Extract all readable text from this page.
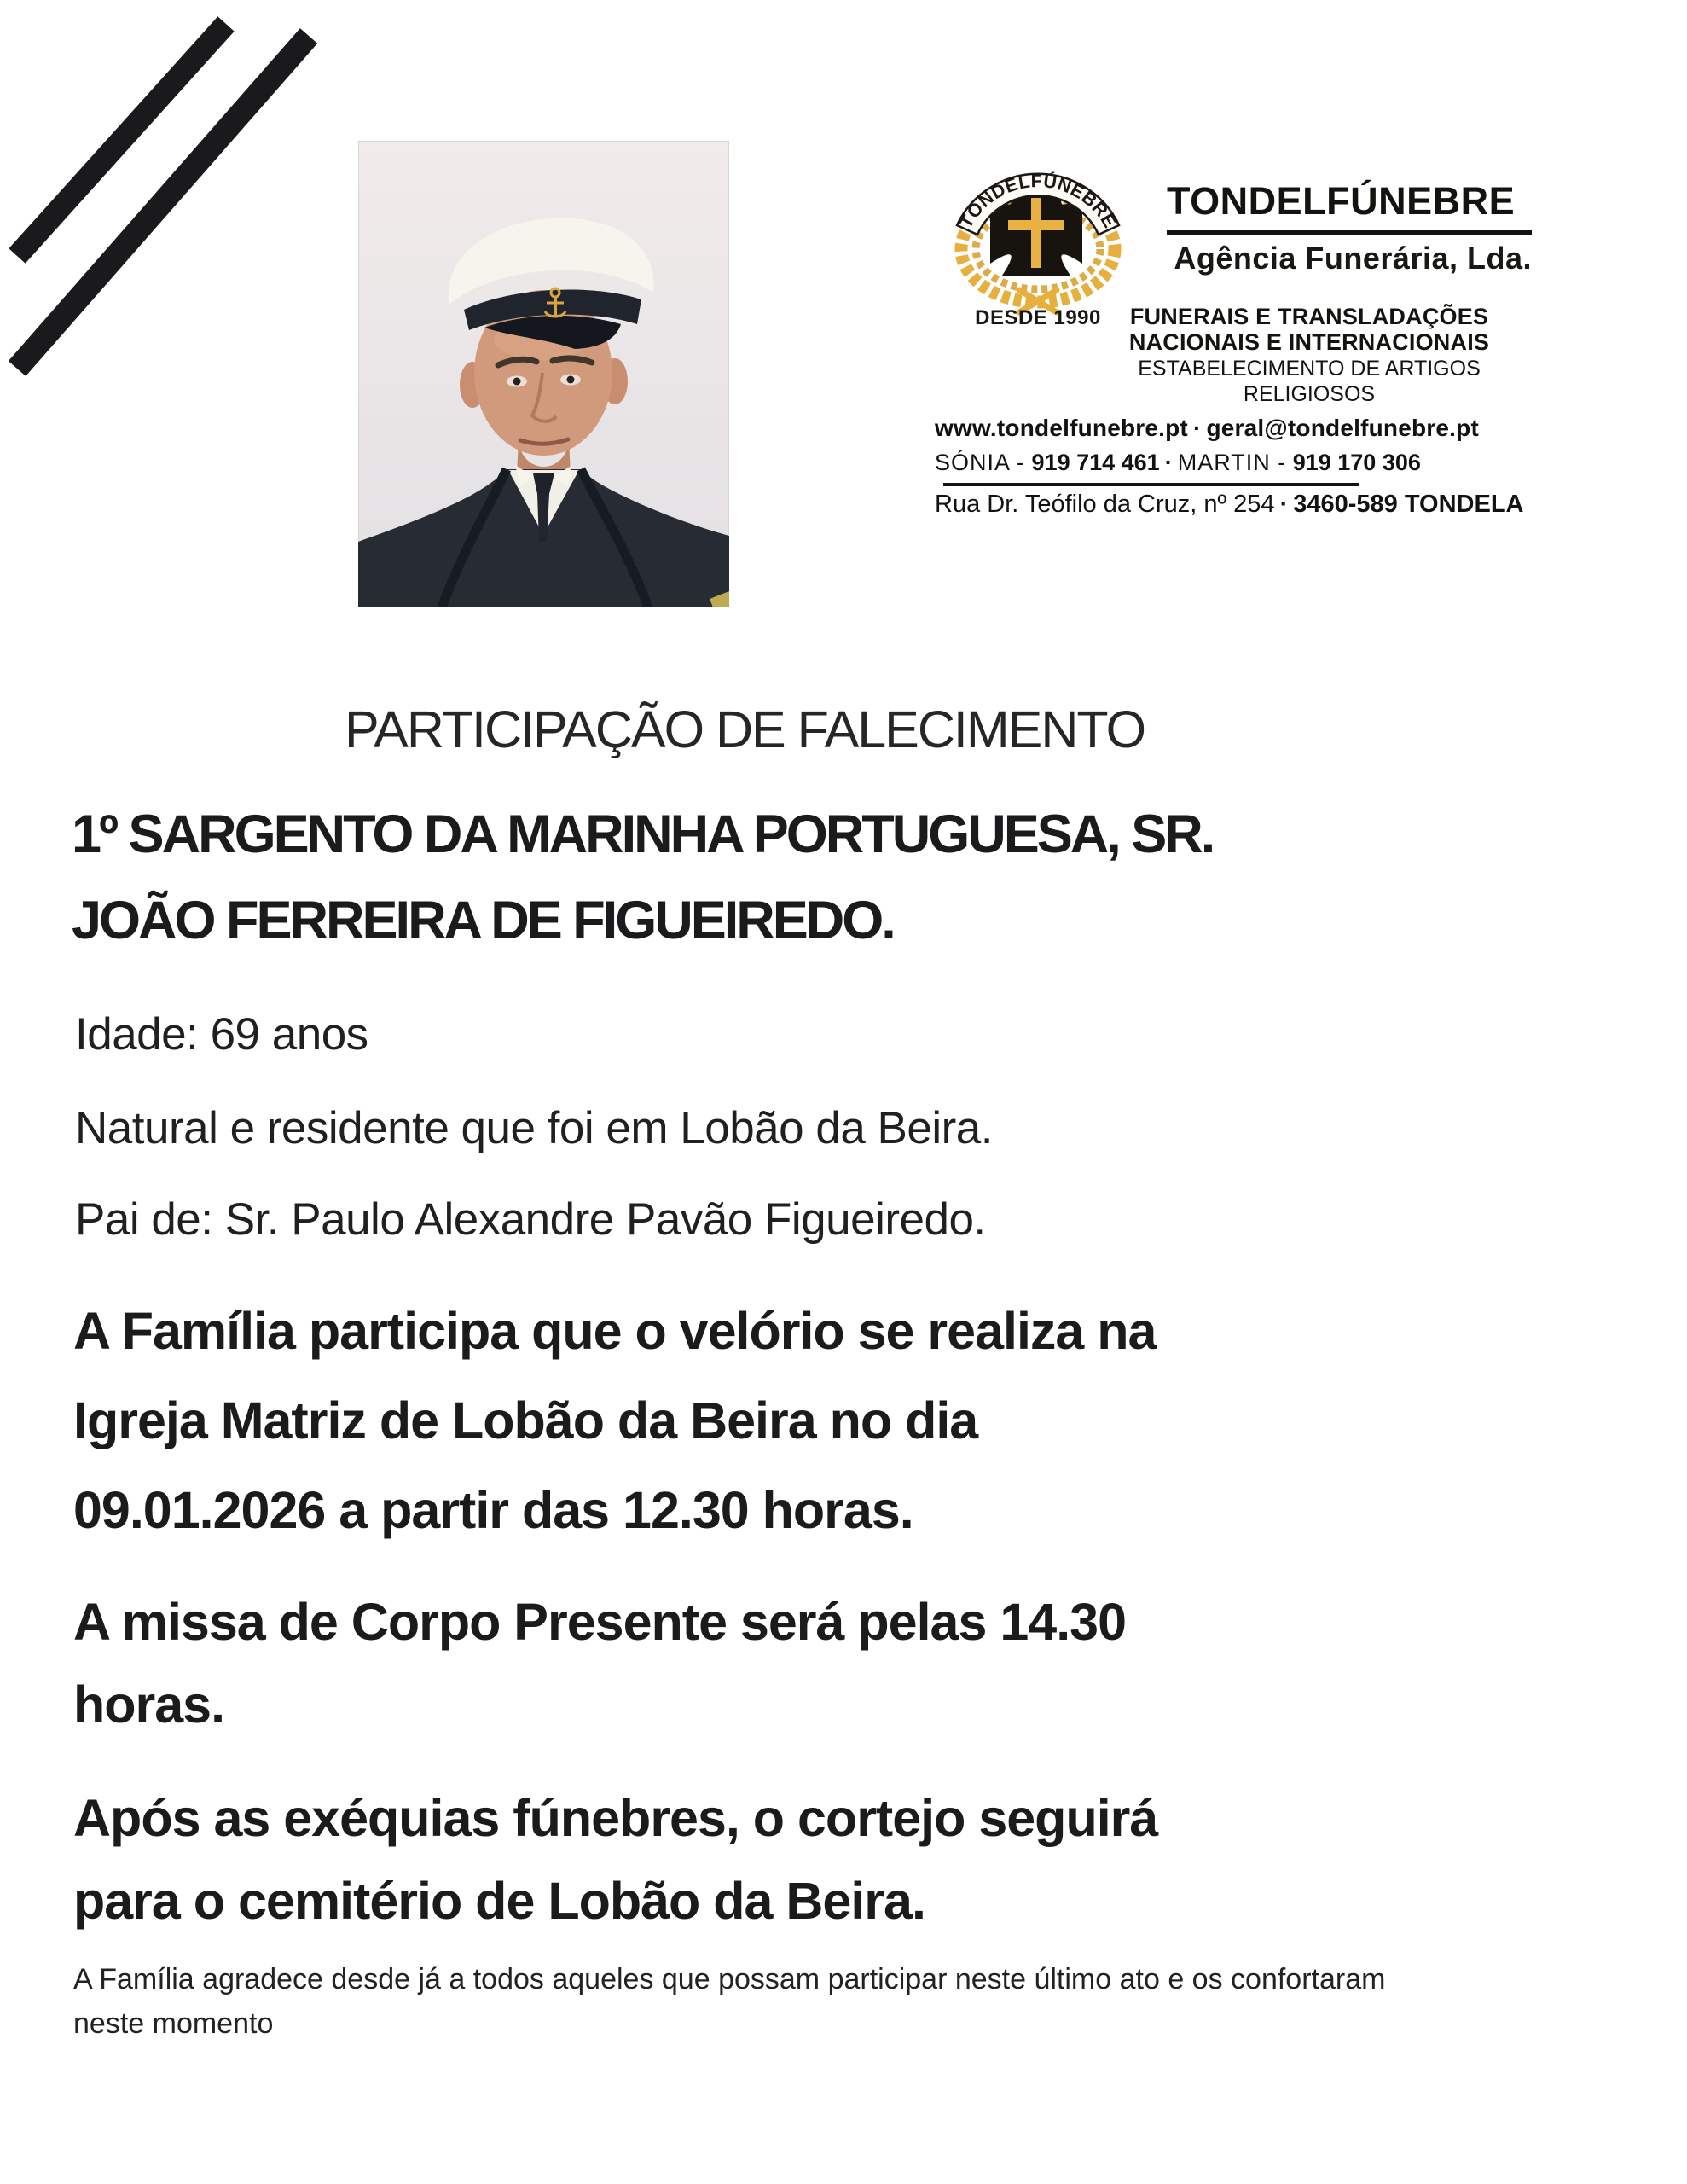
TONDELFÚNEBRE
DESDE 1990
TONDELFÚNEBRE
Agência Funerária, Lda.
FUNERAIS E TRANSLADAÇÕES
NACIONAIS E INTERNACIONAIS
ESTABELECIMENTO DE ARTIGOS RELIGIOSOS
www.tondelfunebre.pt · geral@tondelfunebre.pt
SÓNIA - 919 714 461 · MARTIN - 919 170 306
Rua Dr. Teófilo da Cruz, nº 254 · 3460-589 TONDELA
PARTICIPAÇÃO DE FALECIMENTO
1º SARGENTO DA MARINHA PORTUGUESA, SR.
JOÃO FERREIRA DE FIGUEIREDO.
Idade: 69 anos
Natural e residente que foi em Lobão da Beira.
Pai de: Sr. Paulo Alexandre Pavão Figueiredo.
A Família participa que o velório se realiza na
Igreja Matriz de Lobão da Beira no dia
09.01.2026 a partir das 12.30 horas.
A missa de Corpo Presente será pelas 14.30
horas.
Após as exéquias fúnebres, o cortejo seguirá
para o cemitério de Lobão da Beira.
A Família agradece desde já a todos aqueles que possam participar neste último ato e os confortaram
neste momento
